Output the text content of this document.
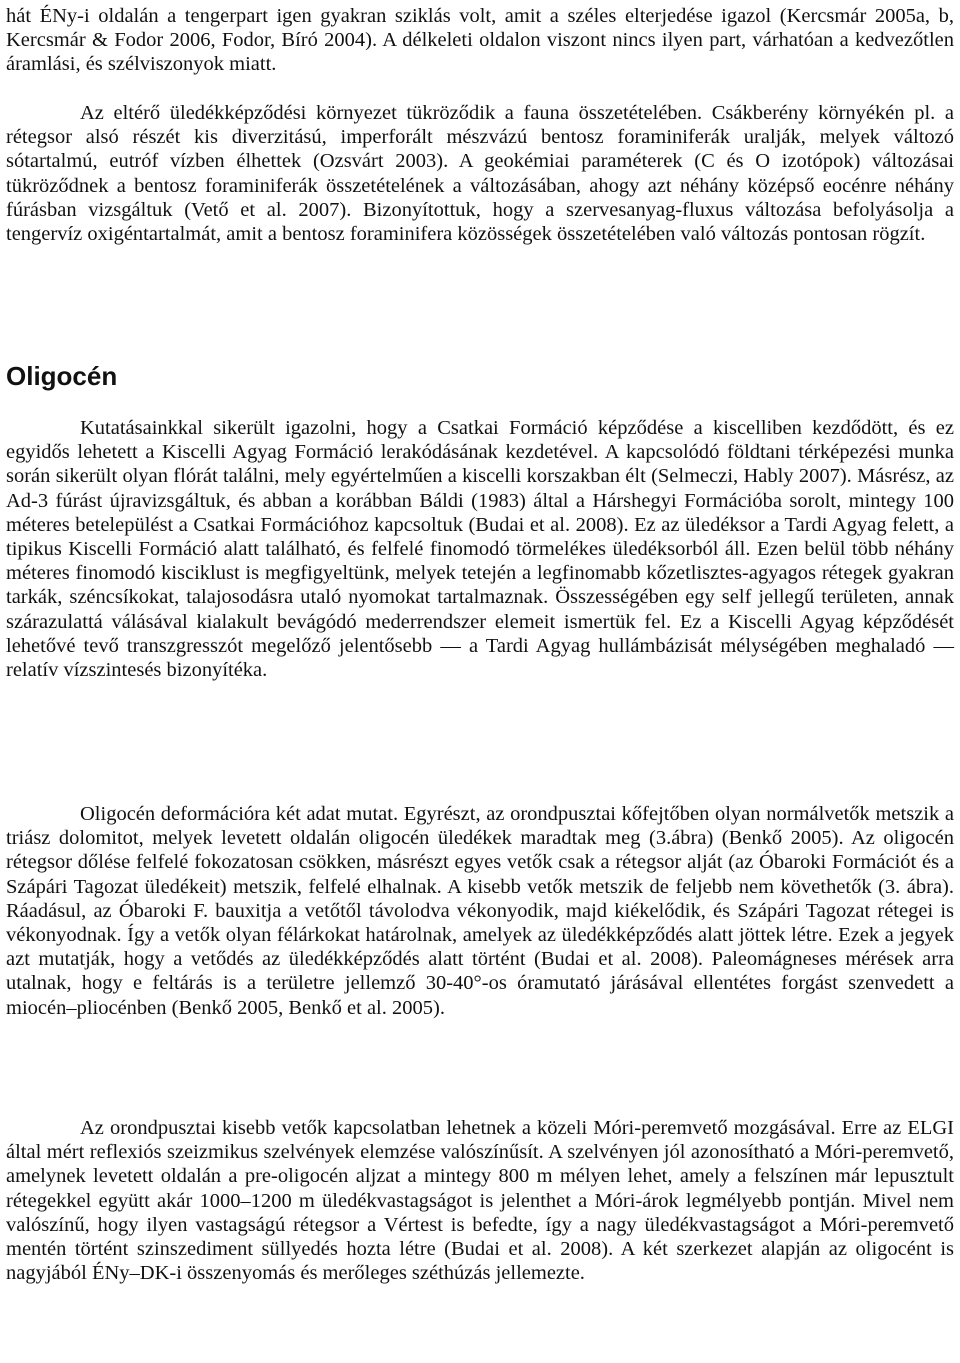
hát ÉNy-i oldalán a tengerpart igen gyakran sziklás volt, amit a széles elterjedése igazol (Kercsmár 2005a, b, Kercsmár & Fodor 2006, Fodor, Bíró 2004). A délkeleti oldalon viszont nincs ilyen part, várhatóan a kedvezőtlen áramlási, és szélviszonyok miatt.

Az eltérő üledékképződési környezet tükröződik a fauna összetételében. Csákberény környékén pl. a rétegsor alsó részét kis diverzitású, imperforált mészvázú bentosz foraminiferák uralják, melyek változó sótartalmú, eutróf vízben élhettek (Ozsvárt 2003). A geokémiai paraméterek (C és O izotópok) változásai tükröződnek a bentosz foraminiferák összetételének a változásában, ahogy azt néhány középső eocénre néhány fúrásban vizsgáltuk (Vető et al. 2007). Bizonyítottuk, hogy a szervesanyag-fluxus változása befolyásolja a tengervíz oxigéntartalmát, amit a bentosz foraminifera közösségek összetételében való változás pontosan rögzít.

Oligocén

Kutatásainkkal sikerült igazolni, hogy a Csatkai Formáció képződése a kiscelliben kezdődött, és ez egyidős lehetett a Kiscelli Agyag Formáció lerakódásának kezdetével. A kapcsolódó földtani térképezési munka során sikerült olyan flórát találni, mely egyértelműen a kiscelli korszakban élt (Selmeczi, Hably 2007). Másrész, az Ad-3 fúrást újravizsgáltuk, és abban a korábban Báldi (1983) által a Hárshegyi Formációba sorolt, mintegy 100 méteres betelepülést a Csatkai Formációhoz kapcsoltuk (Budai et al. 2008). Ez az üledéksor a Tardi Agyag felett, a tipikus Kiscelli Formáció alatt található, és felfelé finomodó törmelékes üledéksorból áll. Ezen belül több néhány méteres finomodó kisciklust is megfigyeltünk, melyek tetején a legfinomabb kőzetlisztes-agyagos rétegek gyakran tarkák, széncsíkokat, talajosodásra utaló nyomokat tartalmaznak. Összességében egy self jellegű területen, annak szárazulattá válásával kialakult bevágódó mederrendszer elemeit ismertük fel. Ez a Kiscelli Agyag képződését lehetővé tevő transzgresszót megelőző jelentősebb — a Tardi Agyag hullámbázisát mélységében meghaladó — relatív vízszintesés bizonyítéka.

Oligocén deformációra két adat mutat. Egyrészt, az orondpusztai kőfejtőben olyan normálvetők metszik a triász dolomitot, melyek levetett oldalán oligocén üledékek maradtak meg (3.ábra) (Benkő 2005). Az oligocén rétegsor dőlése felfelé fokozatosan csökken, másrészt egyes vetők csak a rétegsor alját (az Óbaroki Formációt és a Szápári Tagozat üledékeit) metszik, felfelé elhalnak. A kisebb vetők metszik de feljebb nem követhetők (3. ábra). Ráadásul, az Óbaroki F. bauxitja a vetőtől távolodva vékonyodik, majd kiékelődik, és Szápári Tagozat rétegei is vékonyodnak. Így a vetők olyan félárkokat határolnak, amelyek az üledékképződés alatt jöttek létre. Ezek a jegyek azt mutatják, hogy a vetődés az üledékképződés alatt történt (Budai et al. 2008). Paleomágneses mérések arra utalnak, hogy e feltárás is a területre jellemző 30-40°-os óramutató járásával ellentétes forgást szenvedett a miocén–pliocénben (Benkő 2005, Benkő et al. 2005).

Az orondpusztai kisebb vetők kapcsolatban lehetnek a közeli Móri-peremvető mozgásával. Erre az ELGI által mért reflexiós szeizmikus szelvények elemzése valószínűsít. A szelvényen jól azonosítható a Móri-peremvető, amelynek levetett oldalán a pre-oligocén aljzat a mintegy 800 m mélyen lehet, amely a felszínen már lepusztult rétegekkel együtt akár 1000–1200 m üledékvastagságot is jelenthet a Móri-árok legmélyebb pontján. Mivel nem valószínű, hogy ilyen vastagságú rétegsor a Vértest is befedte, így a nagy üledékvastagságot a Móri-peremvető mentén történt szinszediment süllyedés hozta létre (Budai et al. 2008). A két szerkezet alapján az oligocént is nagyjából ÉNy–DK-i összenyomás és merőleges széthúzás jellemezte.
